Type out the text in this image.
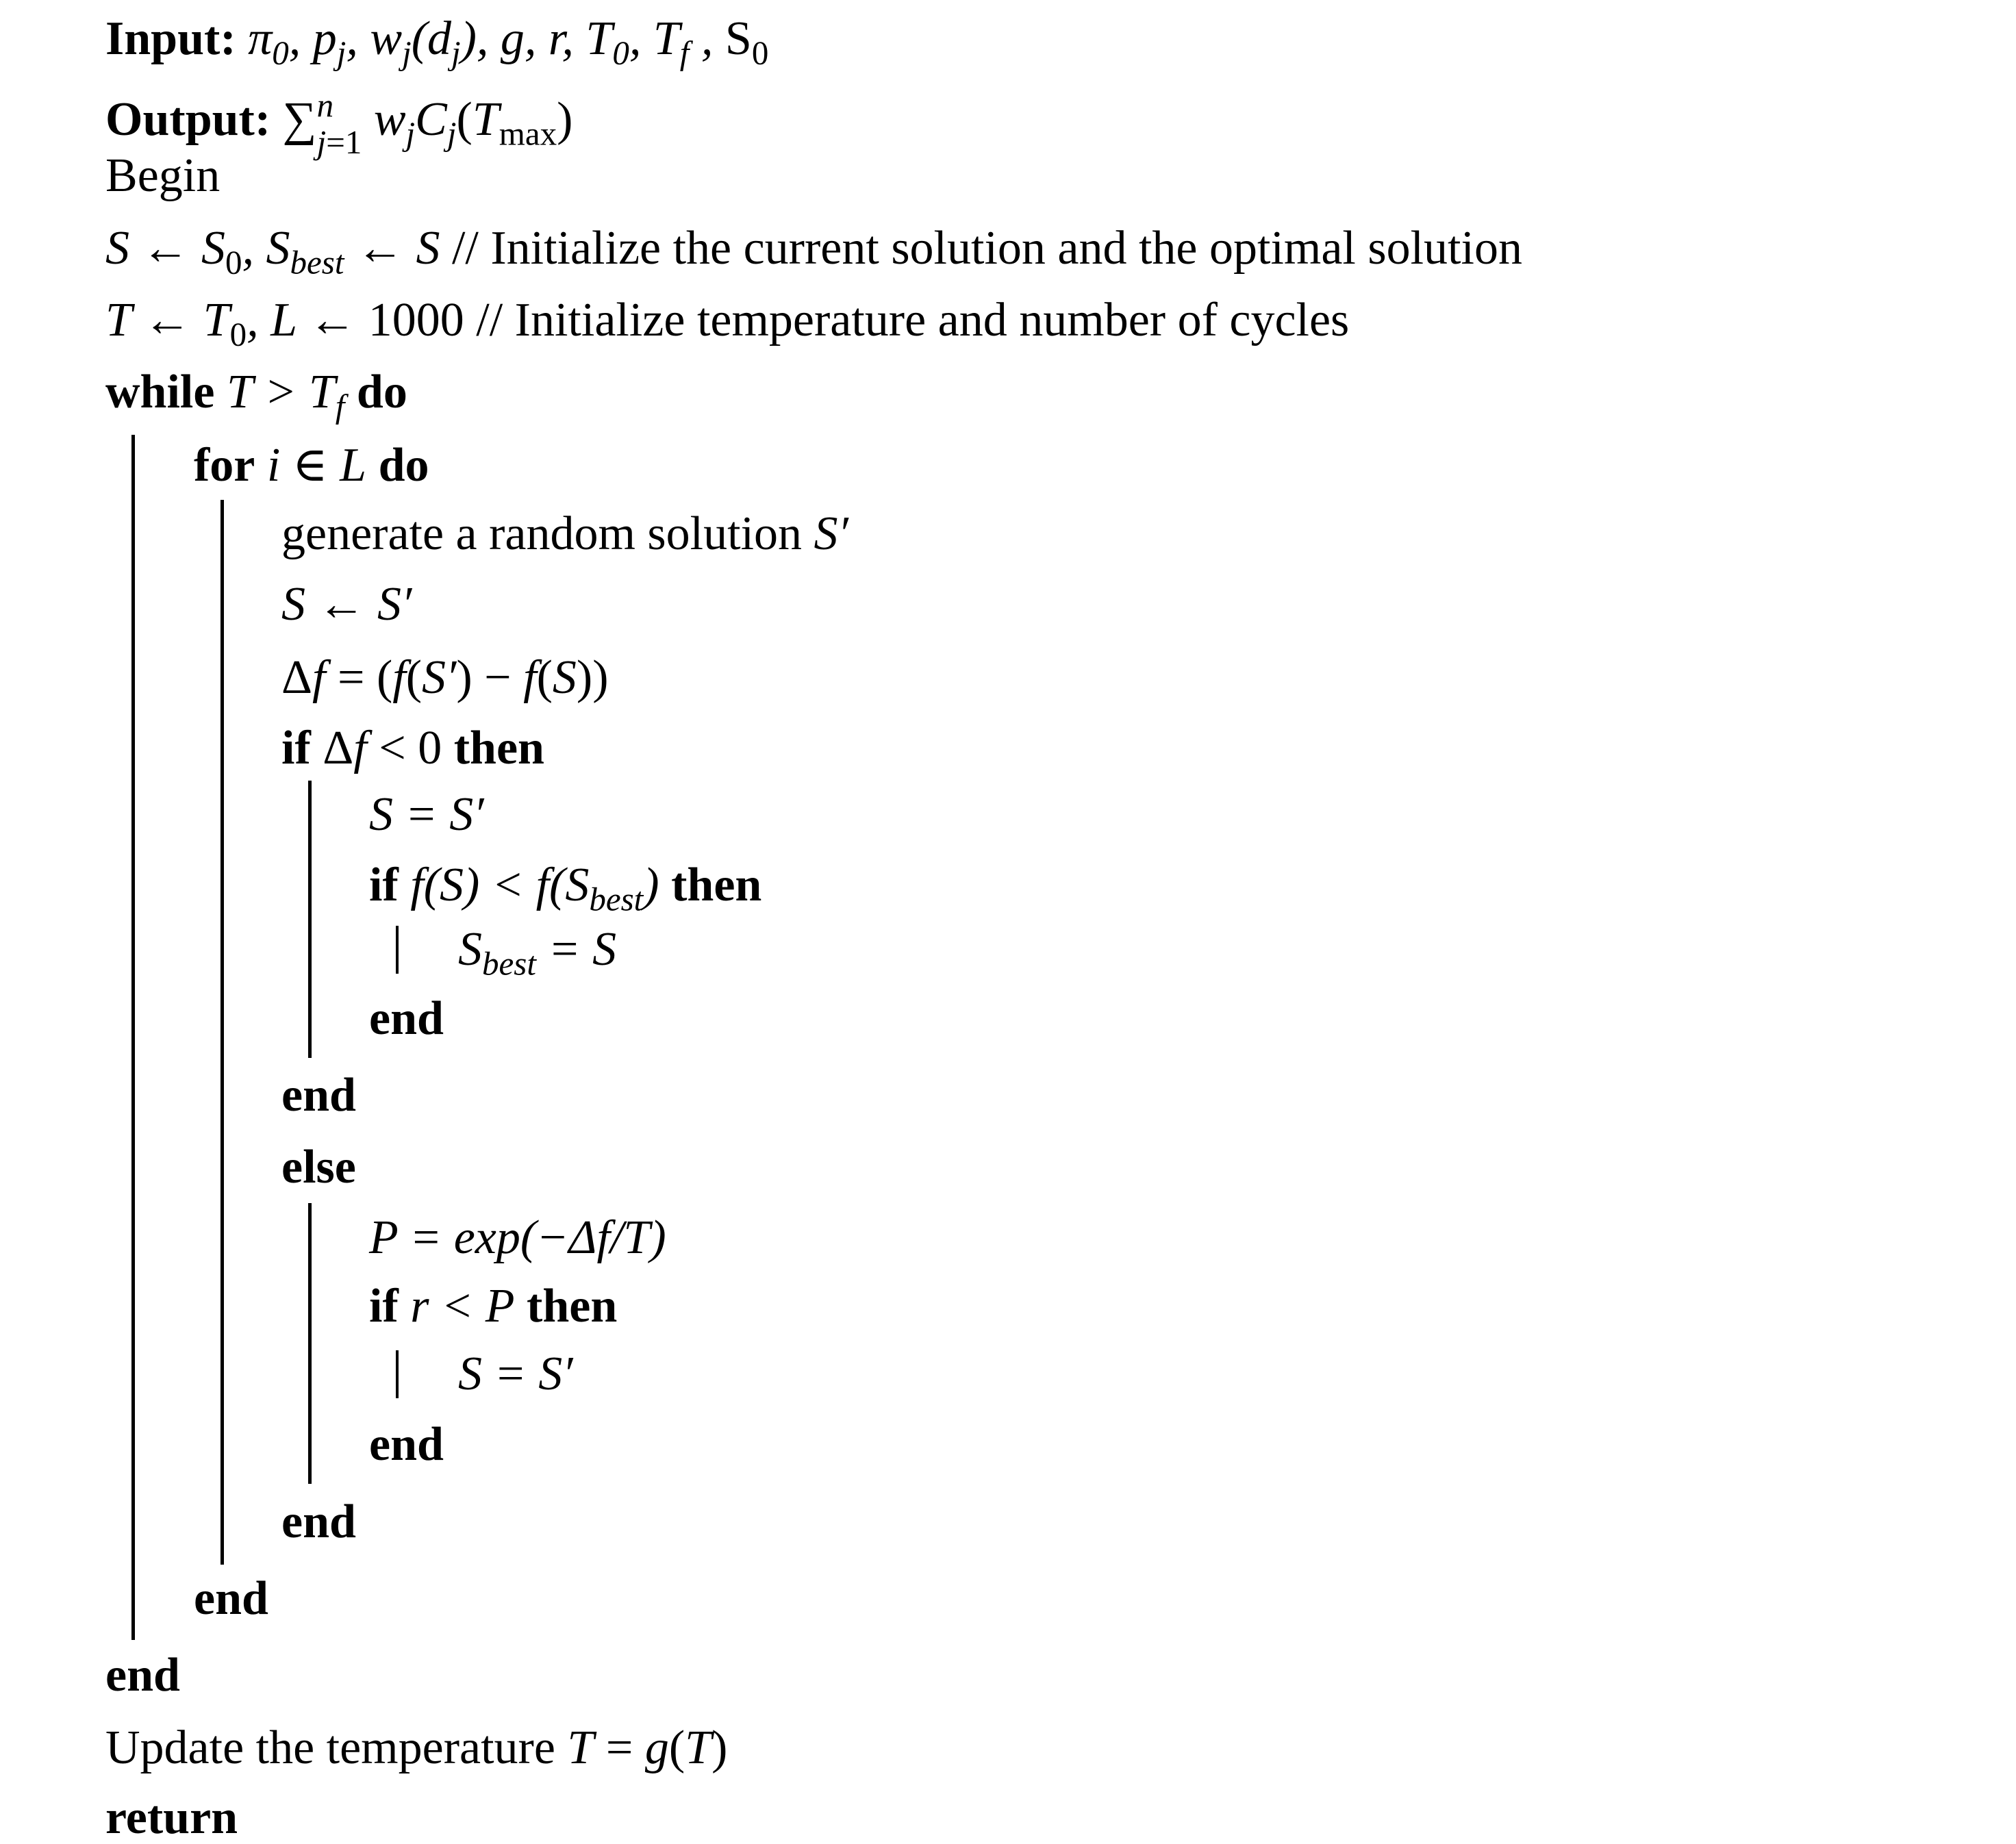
Input: $\pi_0$, $p_j$, $w_j(d_j)$, g, r, $T_0$, $T_f$ , $S_0$
Output: ∑ n
j=1 $w_jC_j(T_{max})$
Begin
S ← $S_0$, $S_{best}$ ← S // Initialize the current solution and the optimal solution
T ← $T_0$, L ← 1000 // Initialize temperature and number of cycles
while $T > T_f$ do
for i ∈ L do
generate a random solution S′
S ← S′
Δf = (f(S′) − f(S))
if Δf < 0 then
S = S′
if $f(S) < f(S_{best})$ then
$S_{best} = S$
end
end
else
P = exp(−Δf/T)
if r < P then
S = S′
end
end
end
end
Update the temperature T = g(T)
return
